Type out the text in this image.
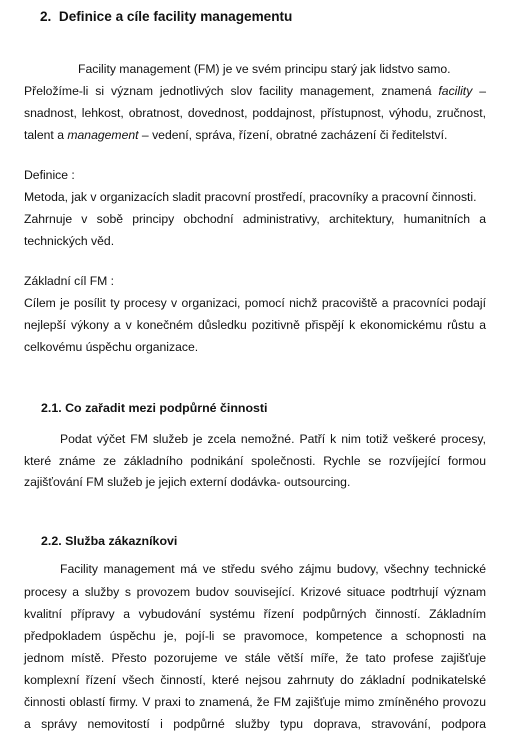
2. Definice a cíle facility managementu
Facility management (FM) je ve svém principu starý jak lidstvo samo.
Přeložíme-li si význam jednotlivých slov facility management, znamená facility –
snadnost, lehkost, obratnost, dovednost, poddajnost, přístupnost, výhodu, zručnost,
talent a management – vedení, správa, řízení, obratné zacházení či ředitelství.
Definice :
Metoda, jak v organizacích sladit pracovní prostředí, pracovníky a pracovní činnosti.
Zahrnuje v sobě principy obchodní administrativy, architektury, humanitních a
technických věd.
Základní cíl FM :
Cílem je posílit ty procesy v organizaci, pomocí nichž pracoviště a pracovníci podají
nejlepší výkony a v konečném důsledku pozitivně přispějí k ekonomickému růstu a
celkovému úspěchu organizace.
2.1. Co zařadit mezi podpůrné činnosti
Podat výčet FM služeb je zcela nemožné. Patří k nim totiž veškeré procesy,
které známe ze základního podnikání společnosti. Rychle se rozvíjející formou
zajišťování FM služeb je jejich externí dodávka- outsourcing.
2.2. Služba zákazníkovi
Facility management má ve středu svého zájmu budovy, všechny technické
procesy a služby s provozem budov související. Krizové situace podtrhují význam
kvalitní přípravy a vybudování systému řízení podpůrných činností. Základním
předpokladem úspěchu je, pojí-li se pravomoce, kompetence a schopnosti na
jednom místě. Přesto pozorujeme ve stále větší míře, že tato profese zajišťuje
komplexní řízení všech činností, které nejsou zahrnuty do základní podnikatelské
činnosti oblastí firmy. V praxi to znamená, že FM zajišťuje mimo zmíněného provozu
a správy nemovitostí i podpůrné služby typu doprava, stravování, podpora
